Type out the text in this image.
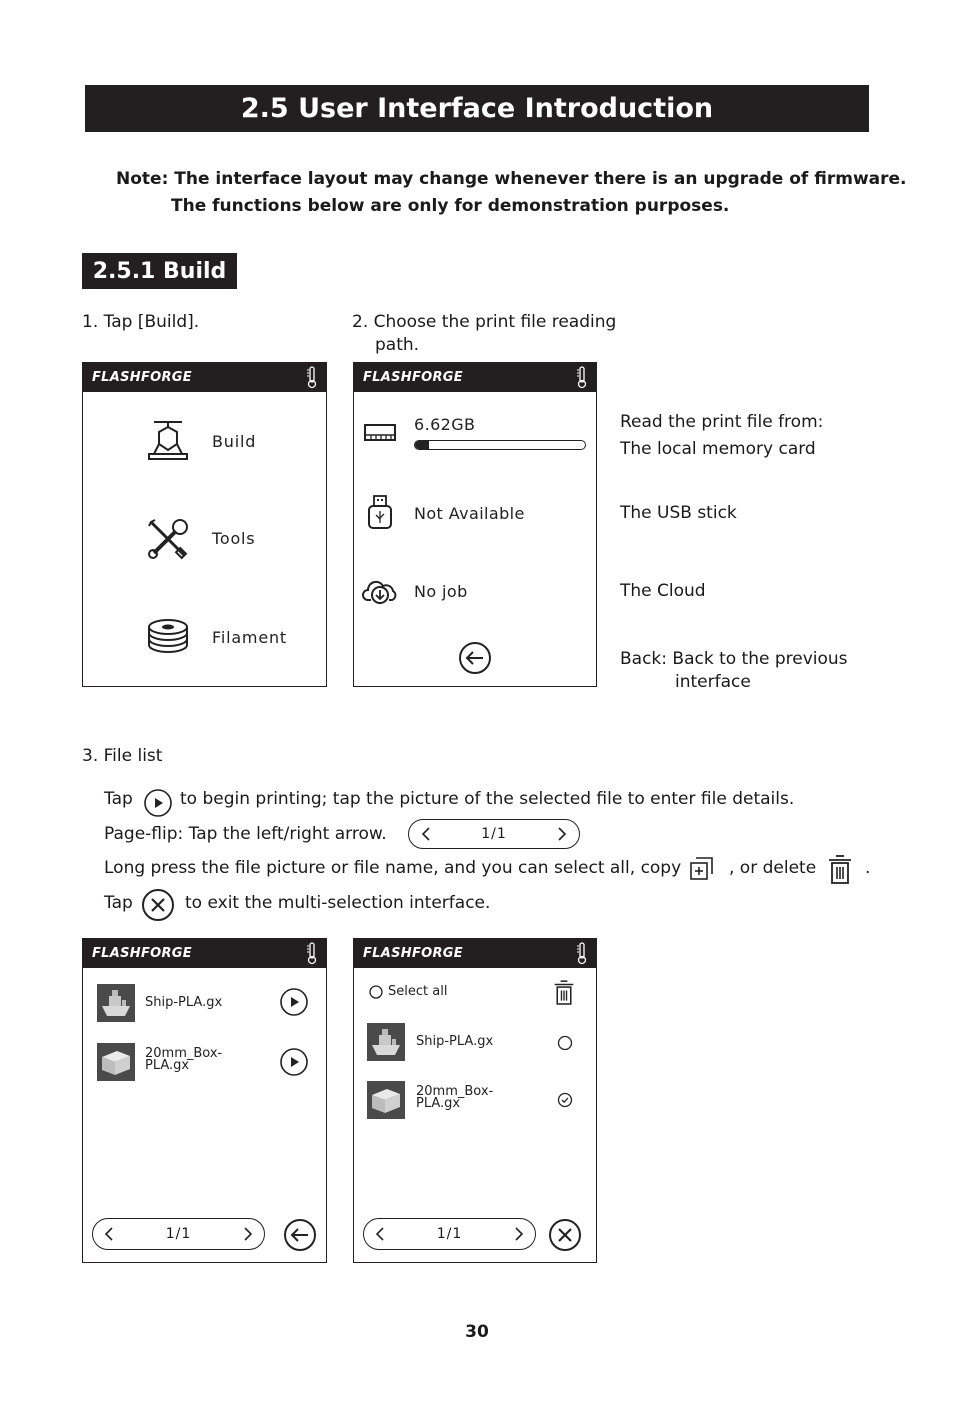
2.5 User Interface Introduction
Note: The interface layout may change whenever there is an upgrade of firmware.
The functions below are only for demonstration purposes.
2.5.1 Build
1. Tap [Build].	2. Choose the print file reading
path.
FLASHFORGE
Build
Tools
Filament
FLASHFORGE
6.62GB
Not Available
No job
Read the print file from:
The local memory card
The USB stick
The Cloud
Back: Back to the previous
interface
3. File list
Tap	to begin printing; tap the picture of the selected file to enter file details.
Page-flip: Tap the left/right arrow.	1/1
Long press the file picture or file name, and you can select all, copy	, or delete	.
Tap	to exit the multi-selection interface.
FLASHFORGE
Ship-PLA.gx
20mm_Box-PLA.gx
1/1
FLASHFORGE
Select all
Ship-PLA.gx
20mm_Box-PLA.gx
1/1
30
